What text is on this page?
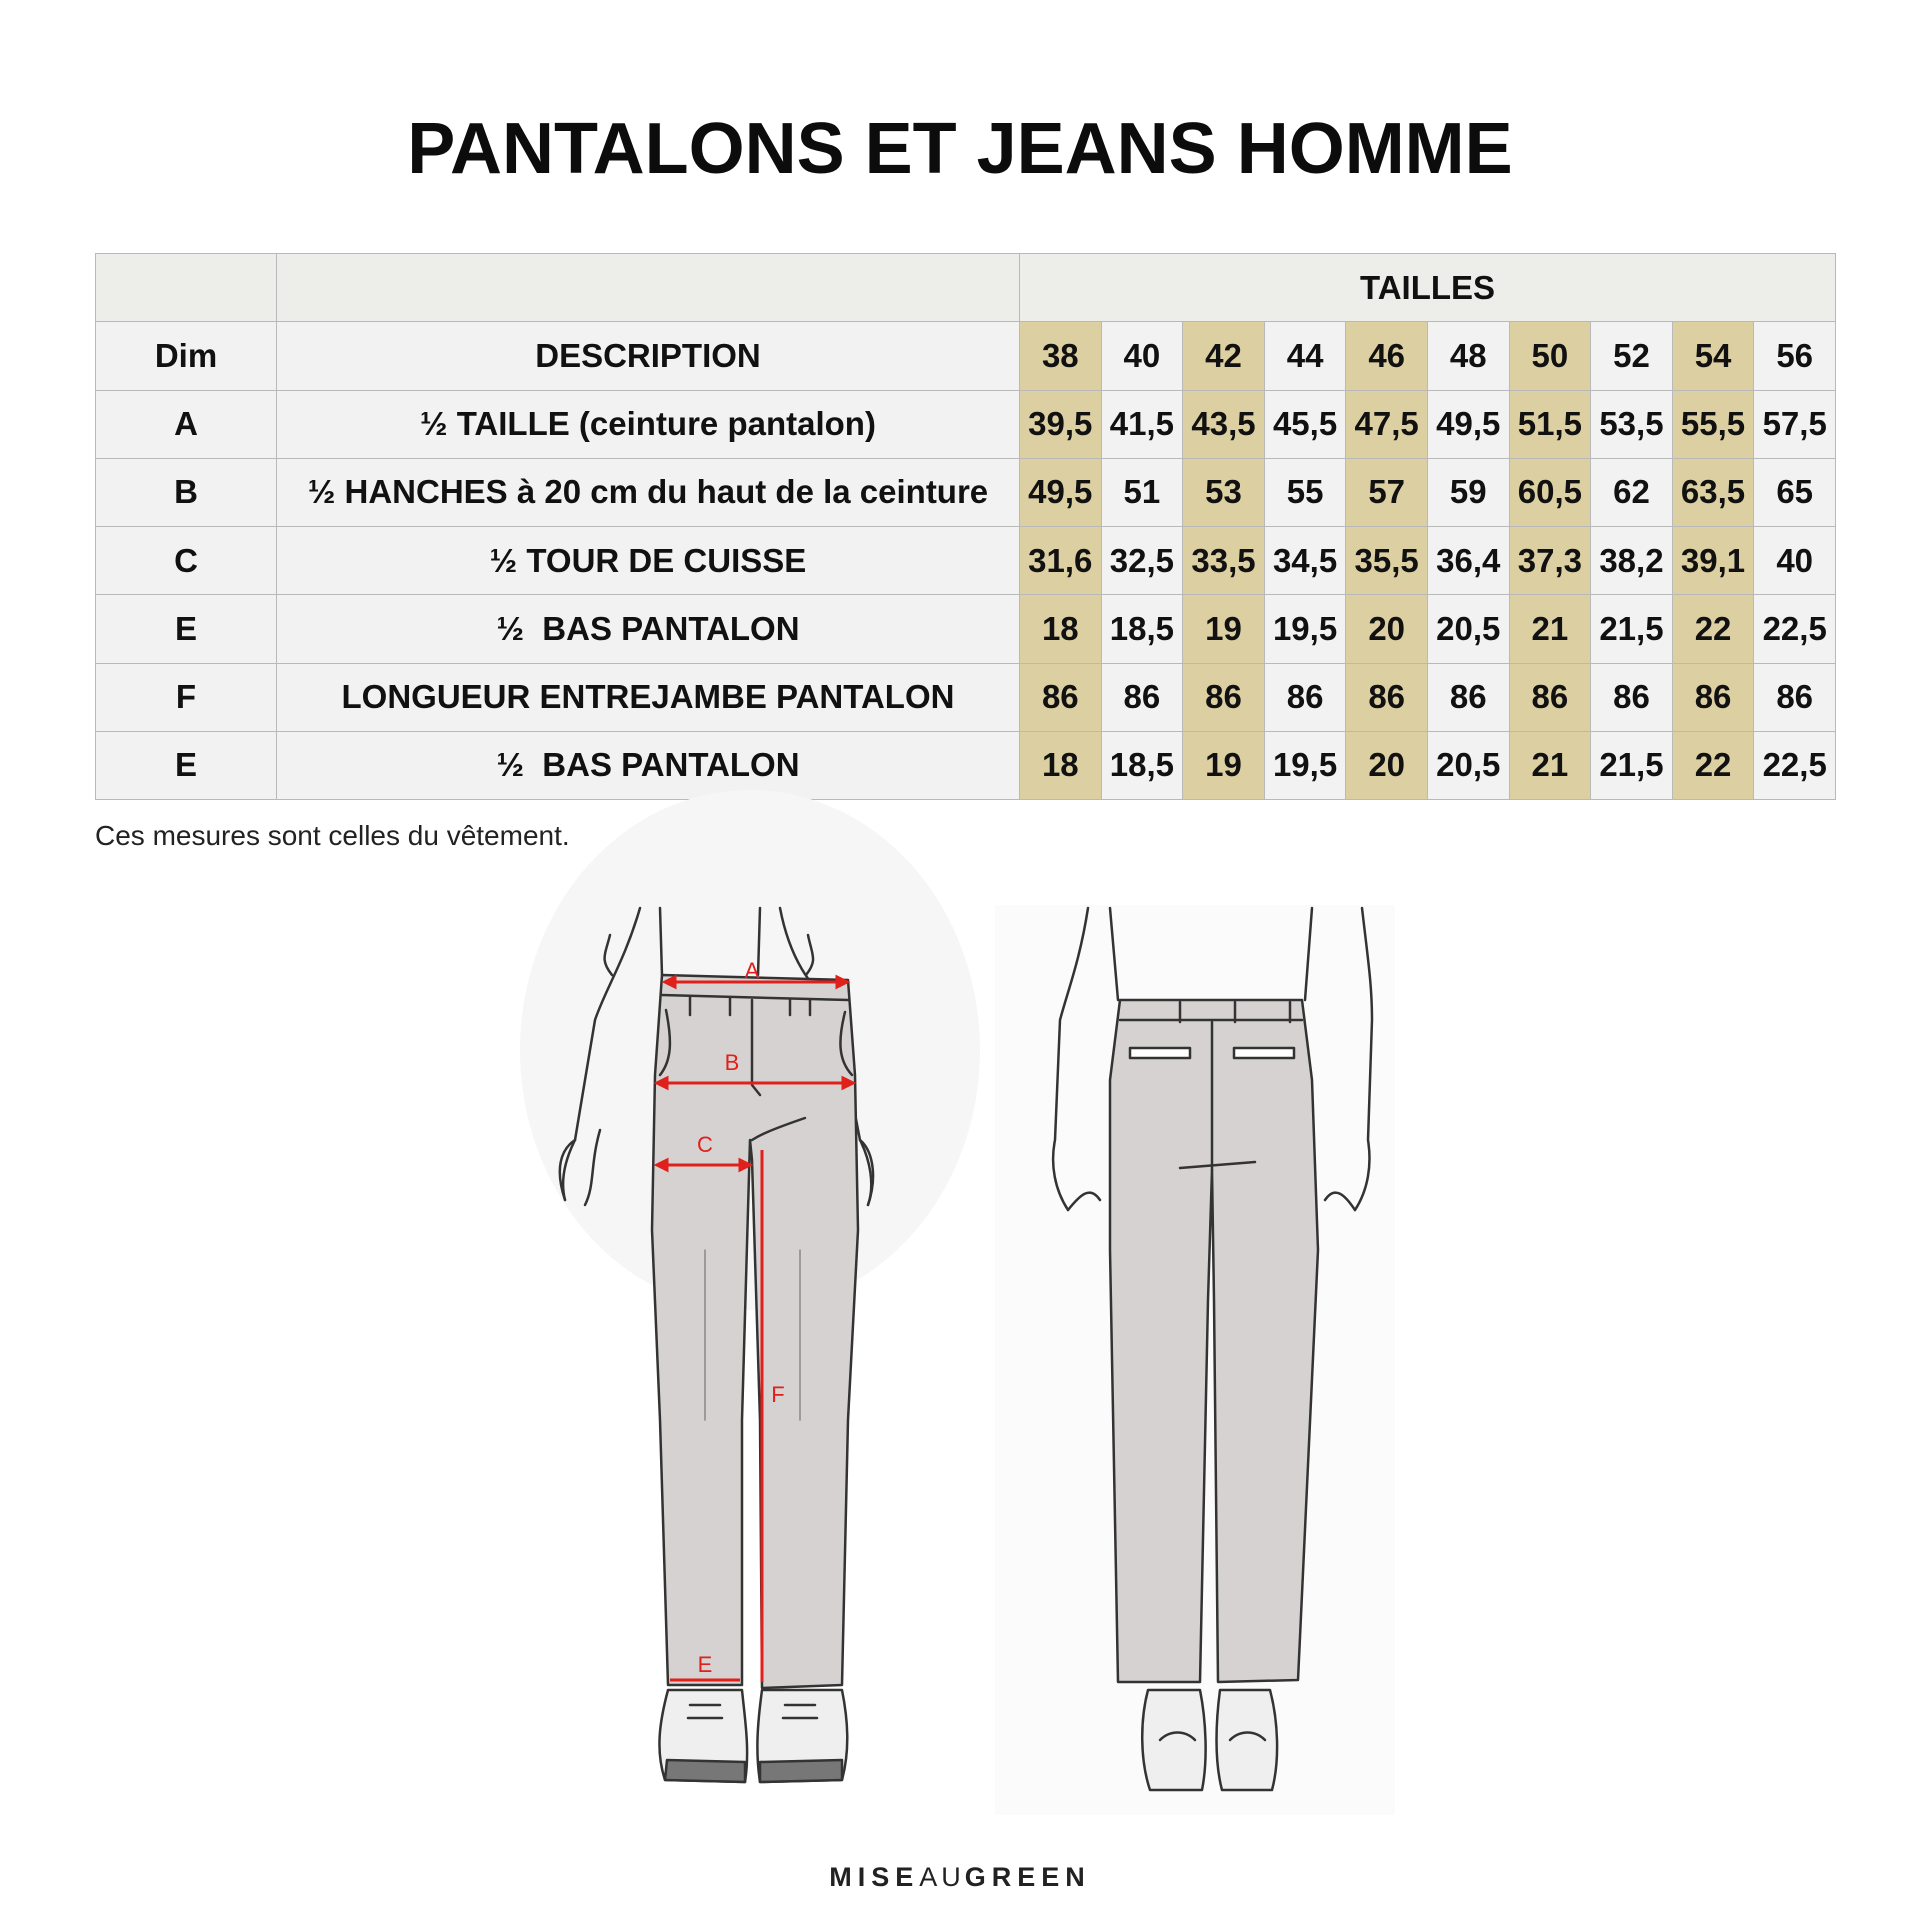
PANTALONS ET JEANS HOMME
		TAILLES									
Dim	DESCRIPTION	38	40	42	44	46	48	50	52	54	56
A	½ TAILLE (ceinture pantalon)	39,5	41,5	43,5	45,5	47,5	49,5	51,5	53,5	55,5	57,5
B	½ HANCHES à 20 cm du haut de la ceinture	49,5	51	53	55	57	59	60,5	62	63,5	65
C	½ TOUR DE CUISSE	31,6	32,5	33,5	34,5	35,5	36,4	37,3	38,2	39,1	40
E	½  BAS PANTALON	18	18,5	19	19,5	20	20,5	21	21,5	22	22,5
F	LONGUEUR ENTREJAMBE PANTALON	86	86	86	86	86	86	86	86	86	86
E	½  BAS PANTALON	18	18,5	19	19,5	20	20,5	21	21,5	22	22,5
Ces mesures sont celles du vêtement.
A
B
C
F
E
MISEAUGREEN
